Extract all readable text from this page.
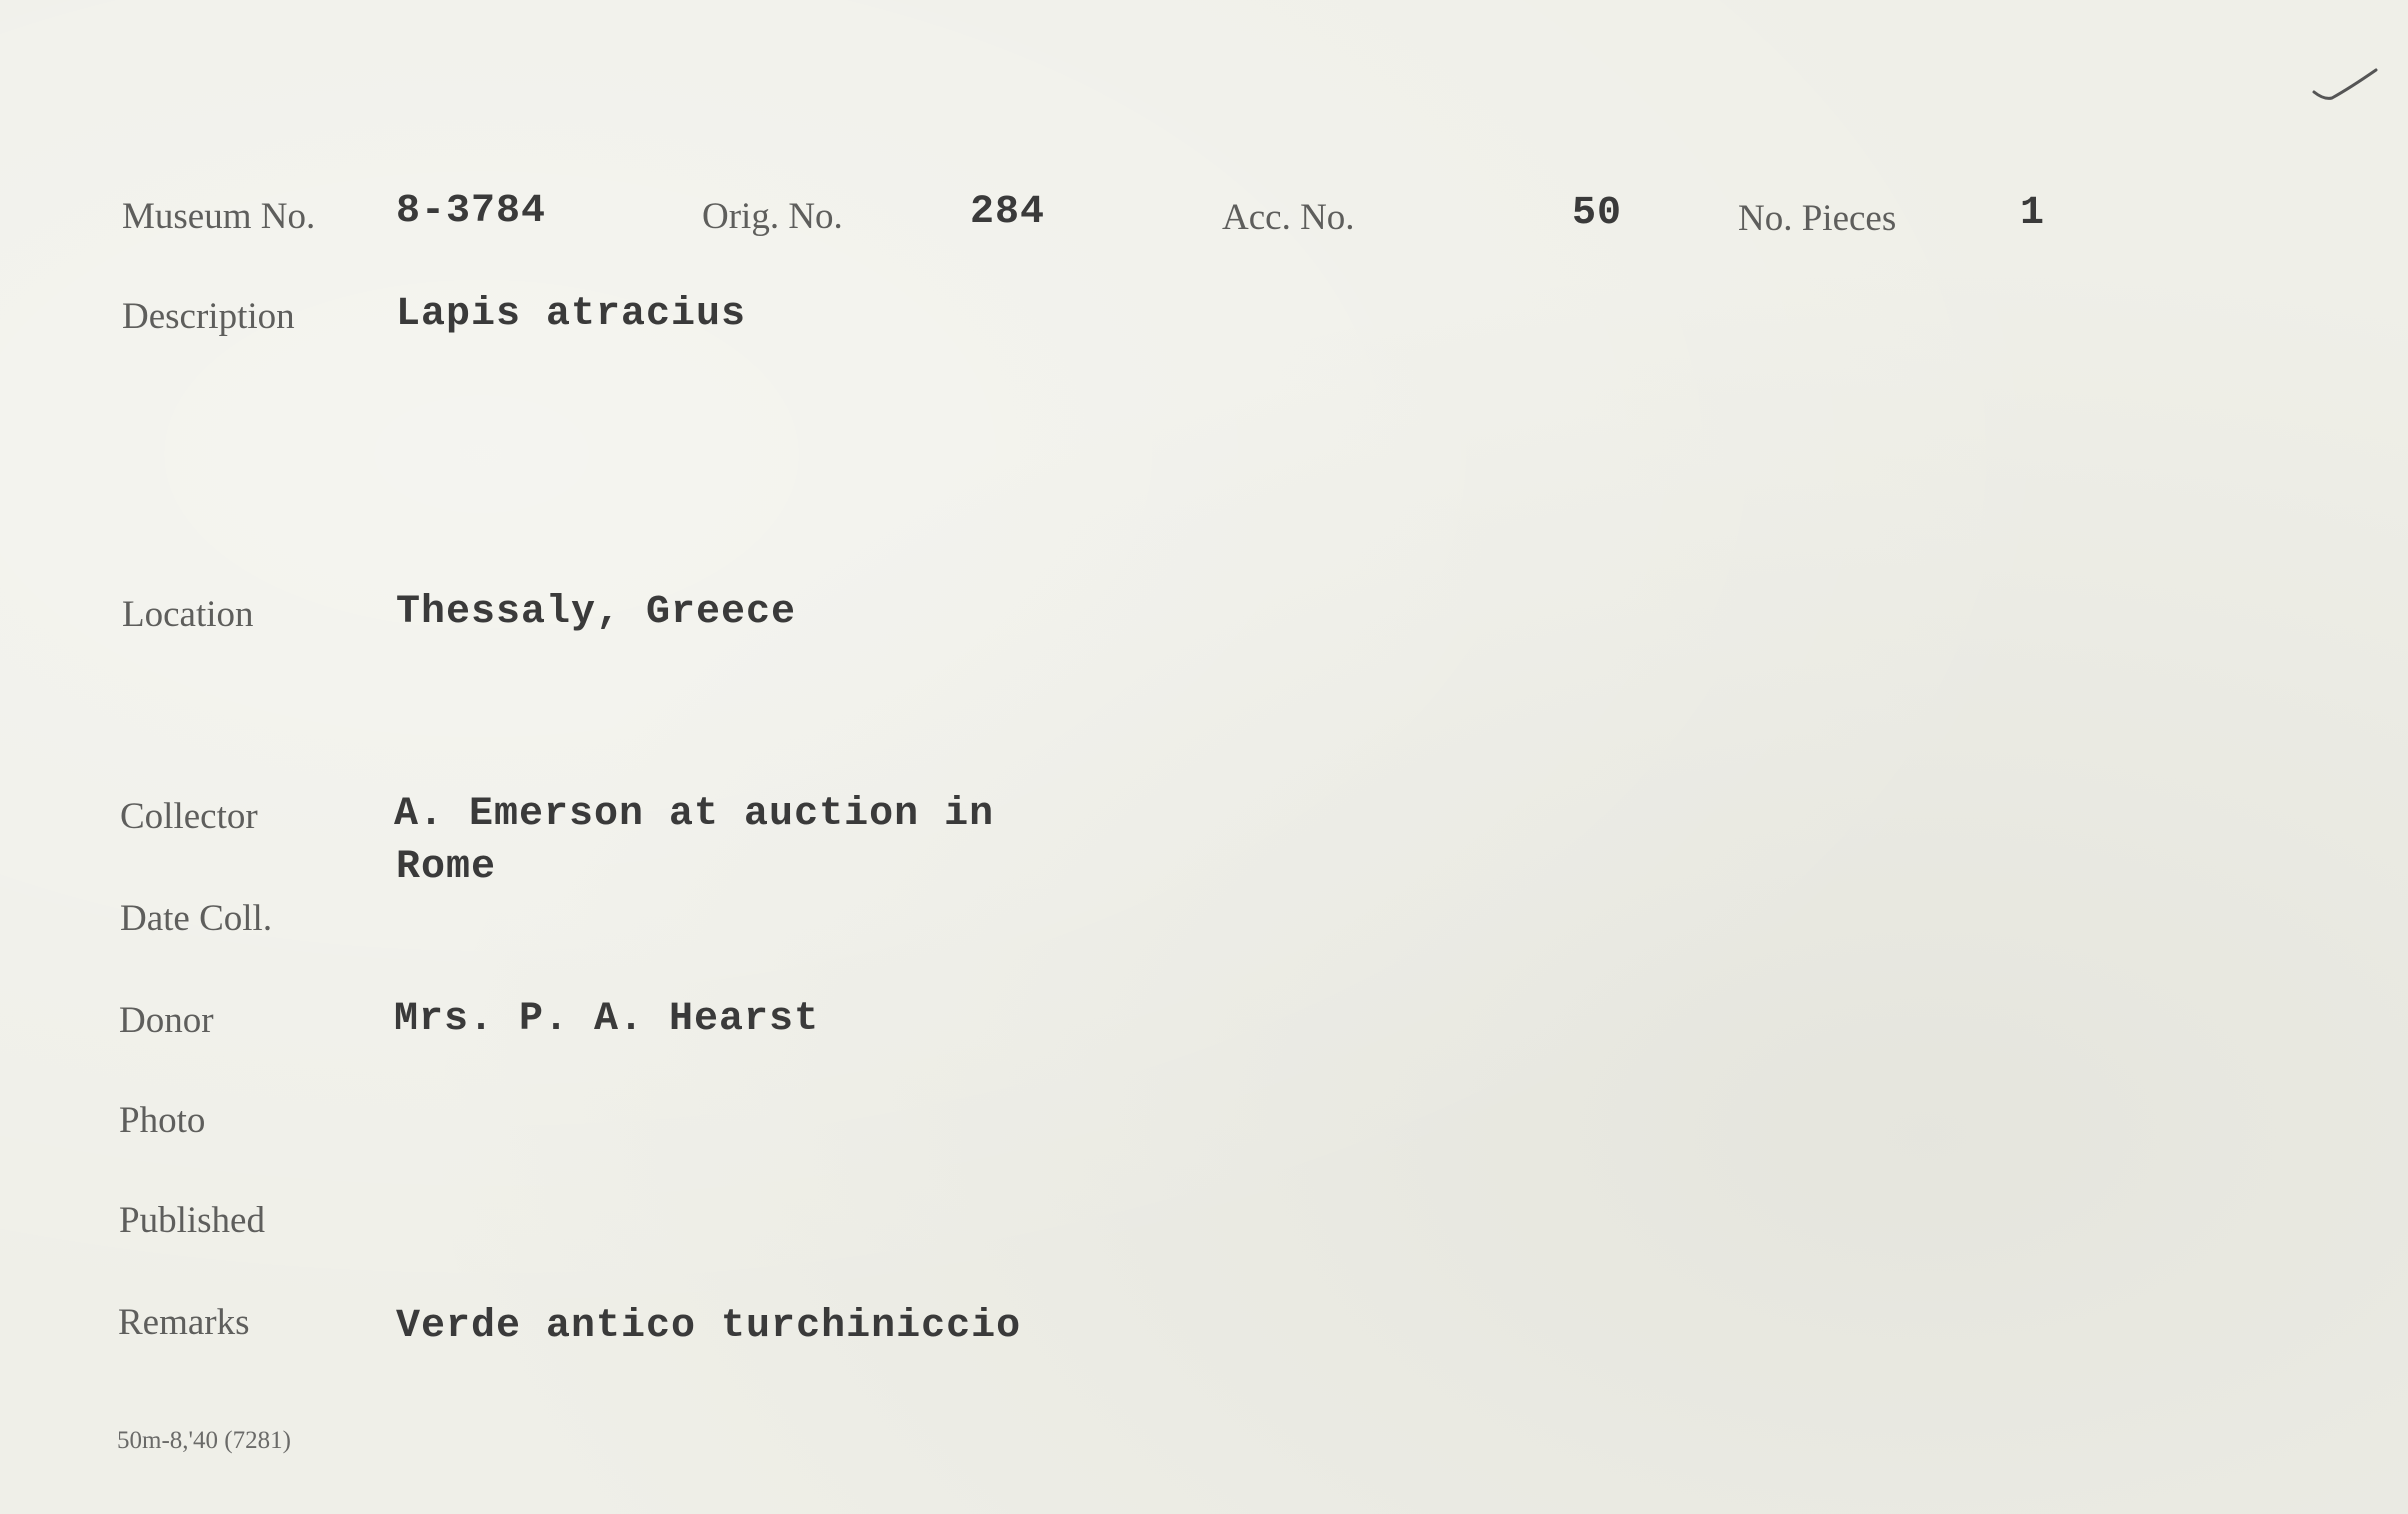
Museum No. 8-3784	Orig. No.	284	Acc. No.	50	No. Pieces	1
Description	Lapis atracius
Location	Thessaly, Greece
Collector	A. Emerson at auction in
Rome
Date Coll.
Donor	Mrs. P. A. Hearst
Photo
Published
Remarks	Verde antico turchiniccio
50m-8,'40 (7281)
